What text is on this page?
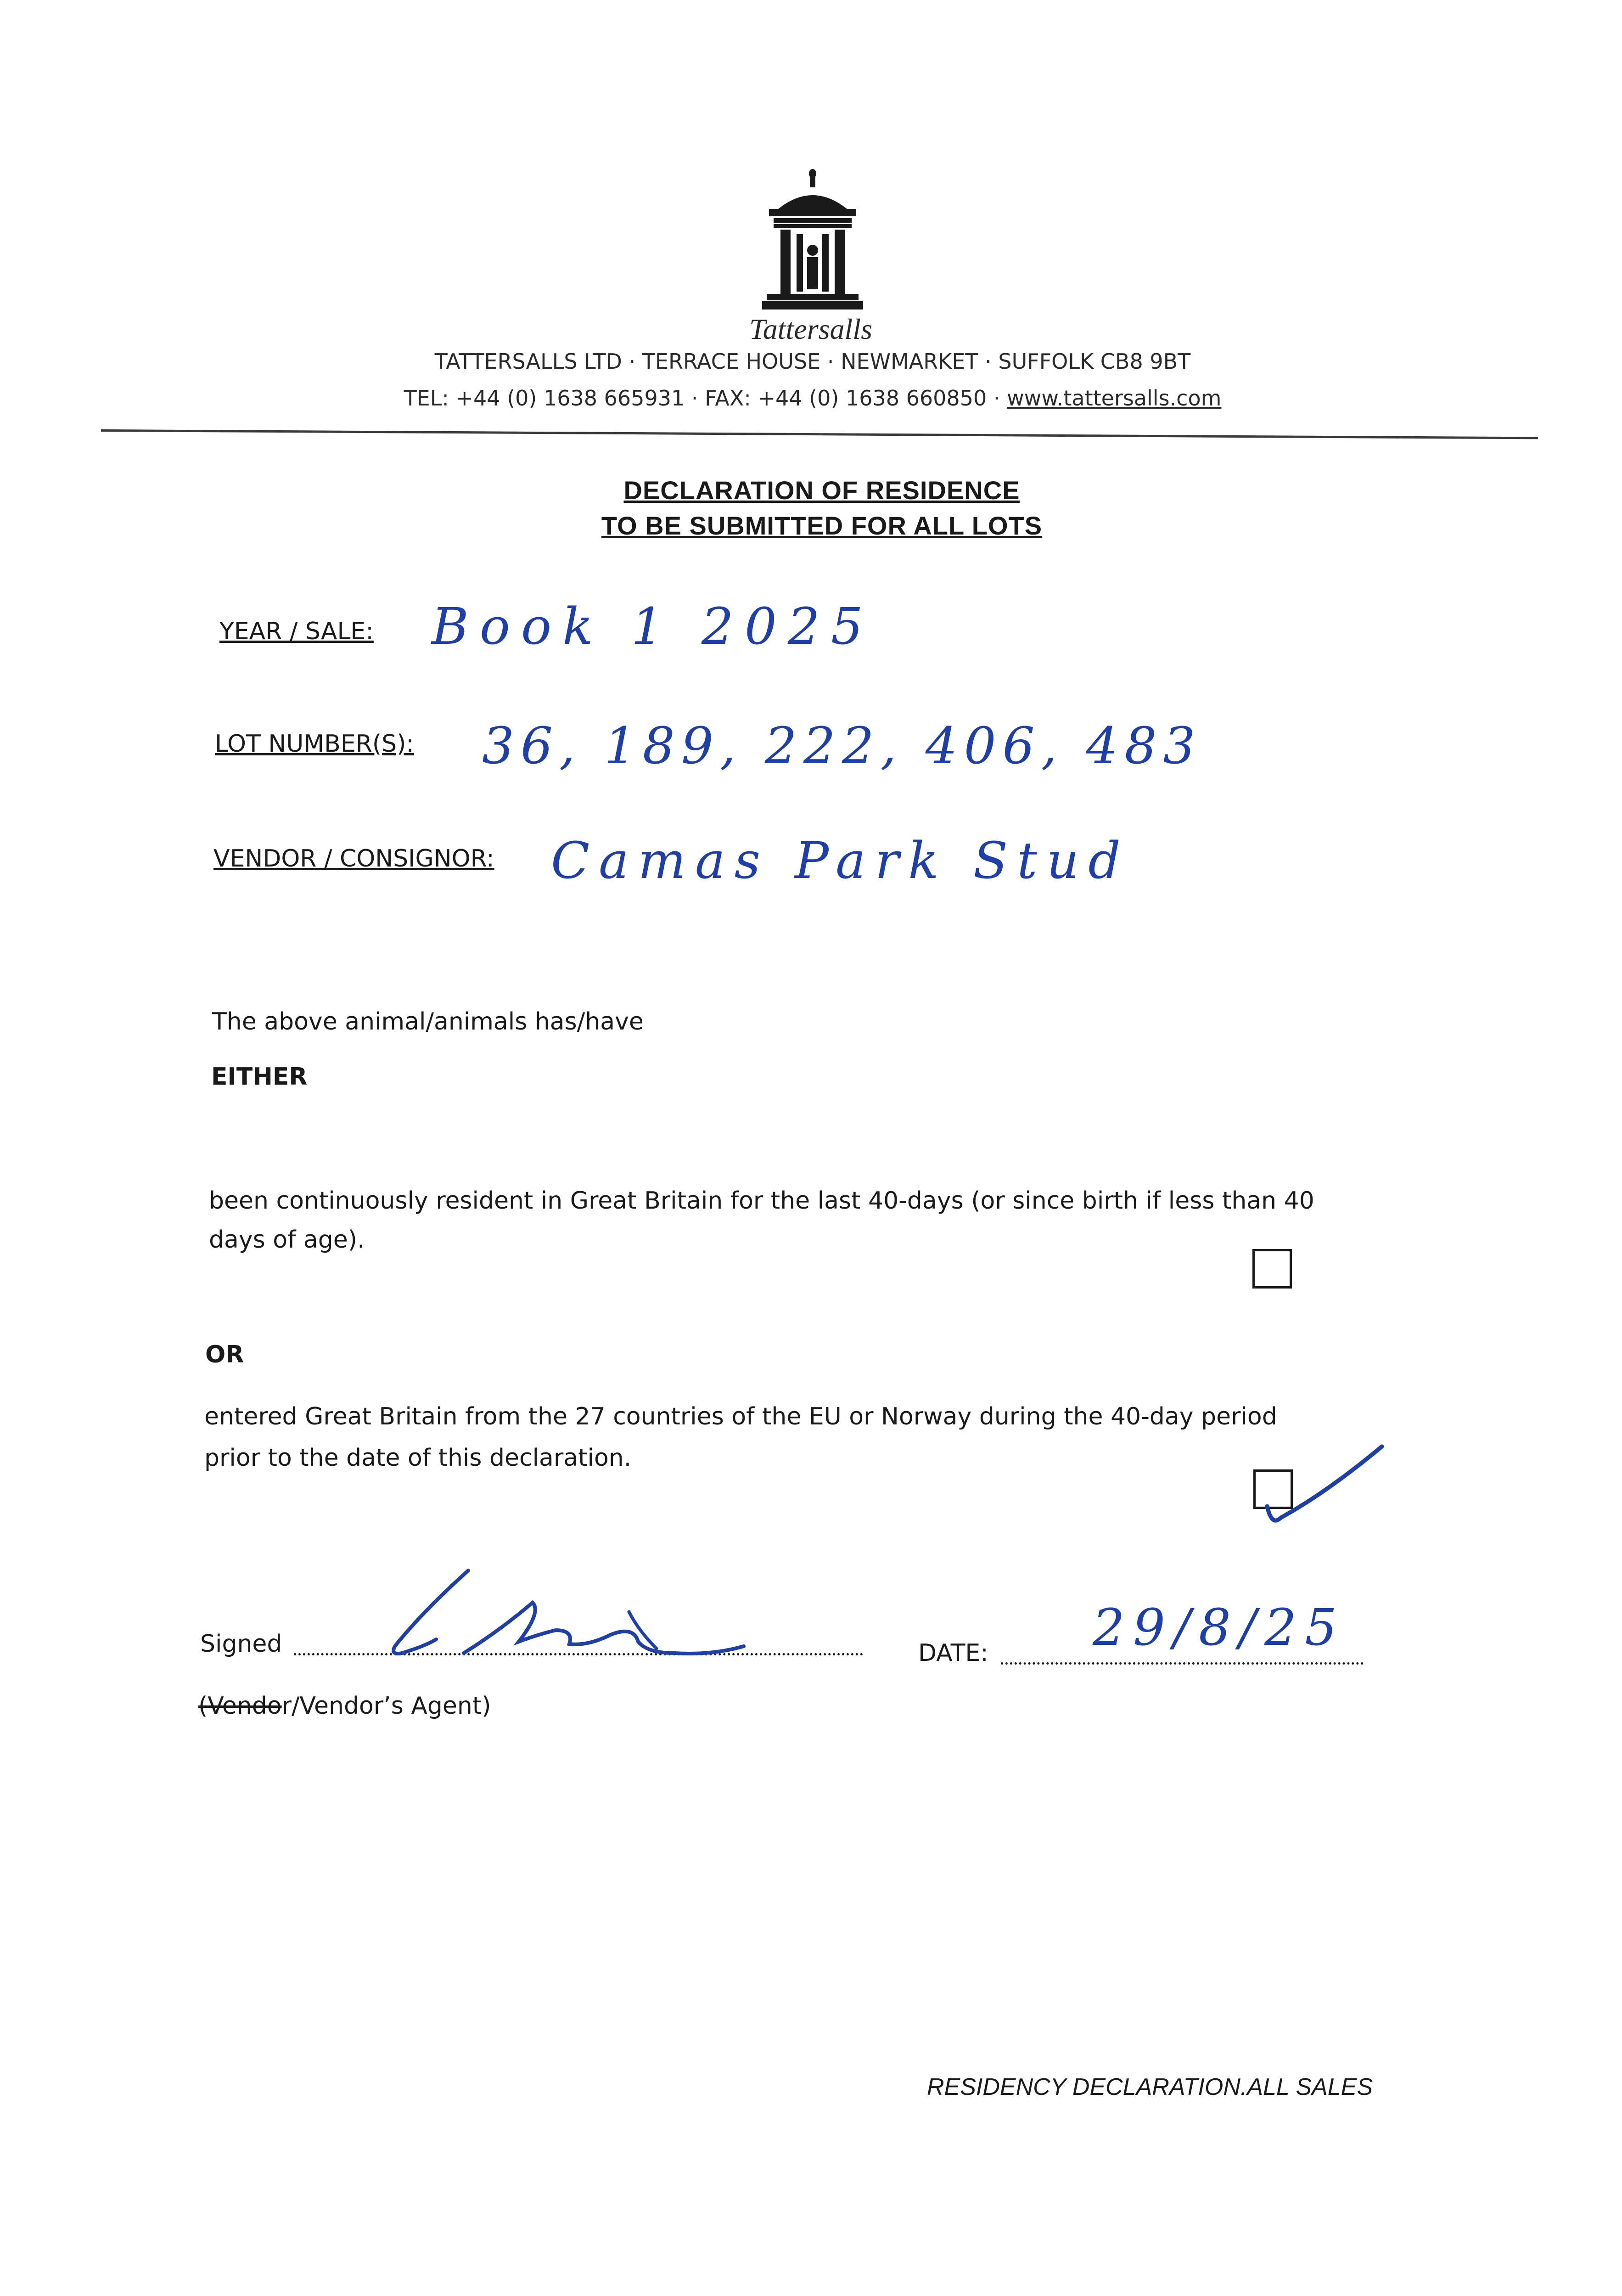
Tattersalls
TATTERSALLS LTD · TERRACE HOUSE · NEWMARKET · SUFFOLK CB8 9BT
TEL: +44 (0) 1638 665931 · FAX: +44 (0) 1638 660850 · www.tattersalls.com
DECLARATION OF RESIDENCE
TO BE SUBMITTED FOR ALL LOTS
YEAR / SALE: Book 1 2025
LOT NUMBER(S): 36, 189, 222, 406, 483
VENDOR / CONSIGNOR: Camas Park Stud
The above animal/animals has/have
EITHER
been continuously resident in Great Britain for the last 40-days (or since birth if less than 40
days of age).
OR
entered Great Britain from the 27 countries of the EU or Norway during the 40-day period
prior to the date of this declaration.
Signed	DATE: 29/8/25
(Vendor/Vendor’s Agent)
RESIDENCY DECLARATION.ALL SALES
